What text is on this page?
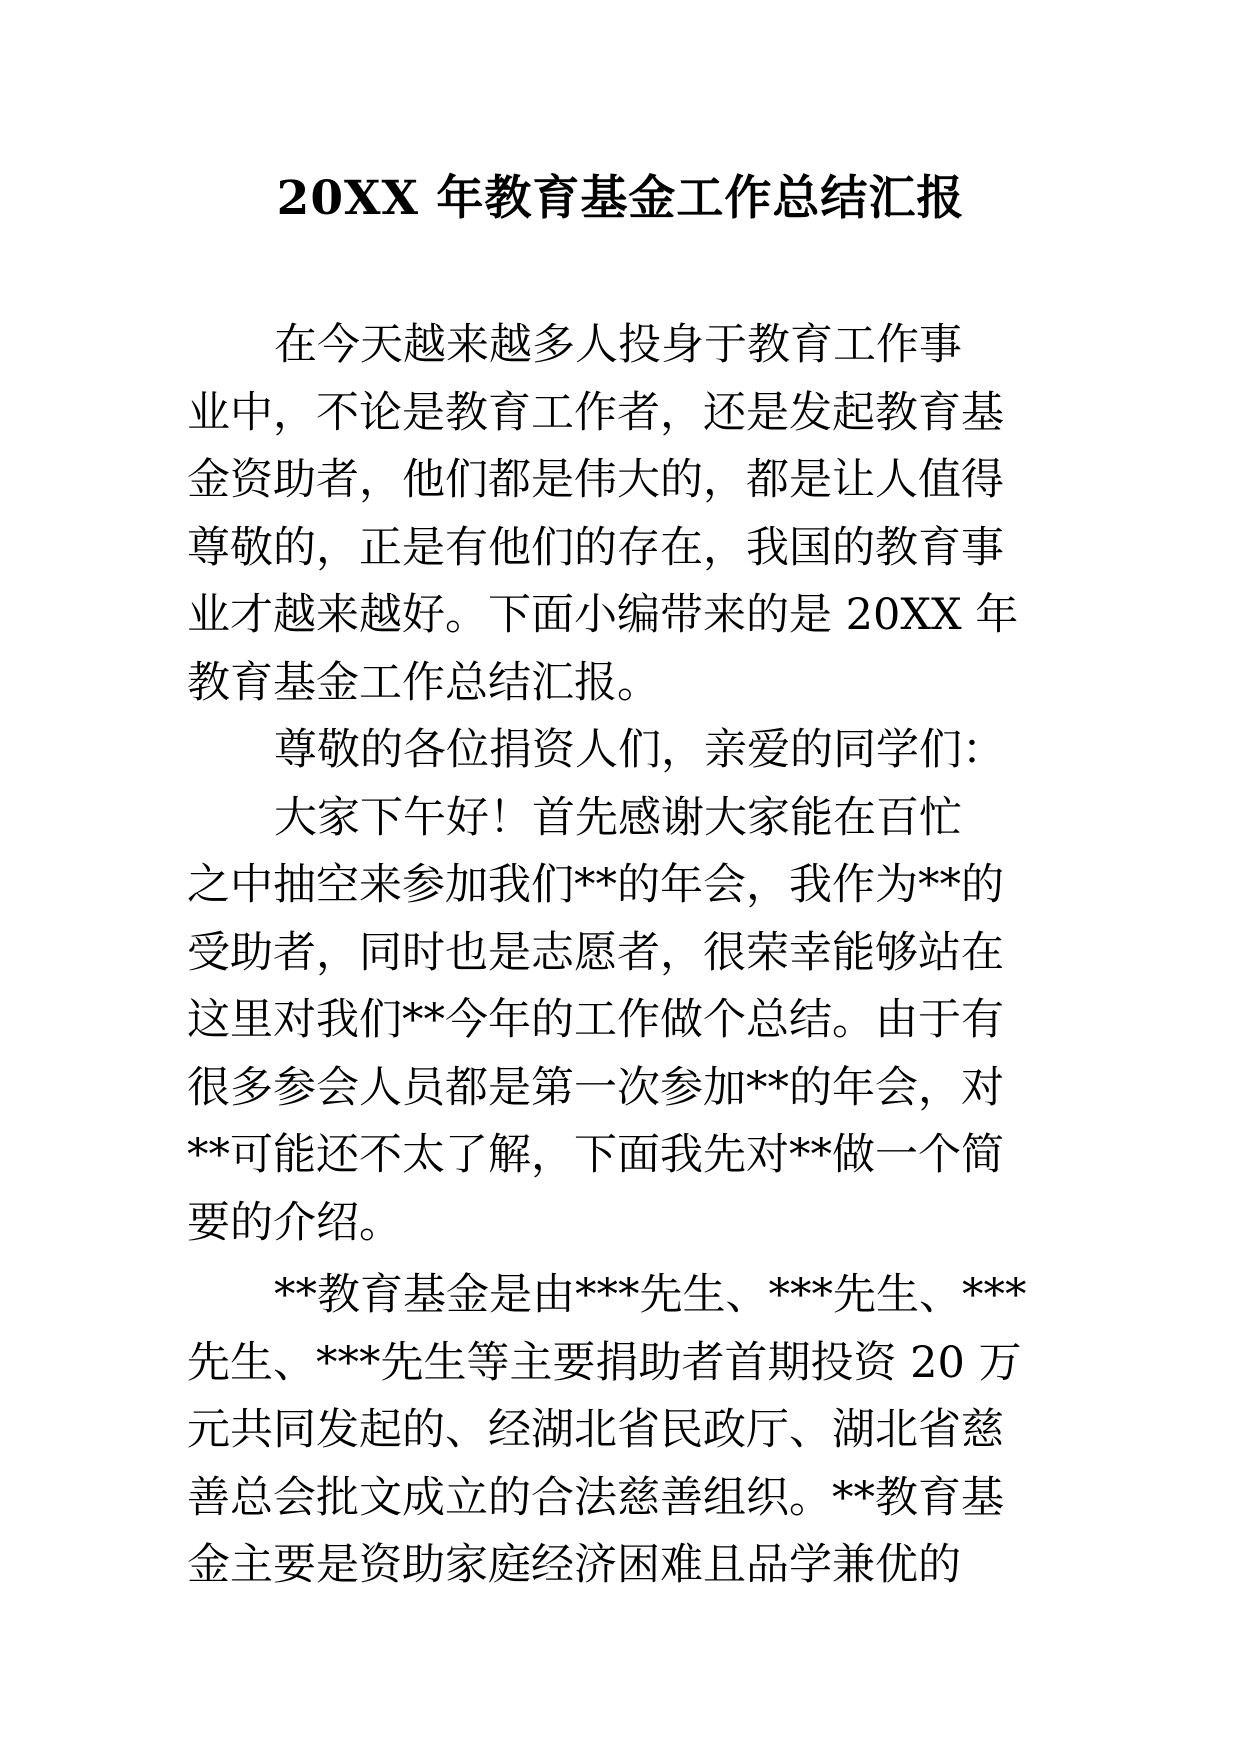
20XX 年教育基金工作总结汇报

在今天越来越多人投身于教育工作事
业中，不论是教育工作者，还是发起教育基
金资助者，他们都是伟大的，都是让人值得
尊敬的，正是有他们的存在，我国的教育事
业才越来越好。下面小编带来的是 20XX 年
教育基金工作总结汇报。

尊敬的各位捐资人们，亲爱的同学们：

大家下午好！首先感谢大家能在百忙
之中抽空来参加我们**的年会，我作为**的
受助者，同时也是志愿者，很荣幸能够站在
这里对我们**今年的工作做个总结。由于有
很多参会人员都是第一次参加**的年会，对
**可能还不太了解，下面我先对**做一个简
要的介绍。

**教育基金是由***先生、***先生、***
先生、***先生等主要捐助者首期投资 20 万
元共同发起的、经湖北省民政厅、湖北省慈
善总会批文成立的合法慈善组织。**教育基
金主要是资助家庭经济困难且品学兼优的
